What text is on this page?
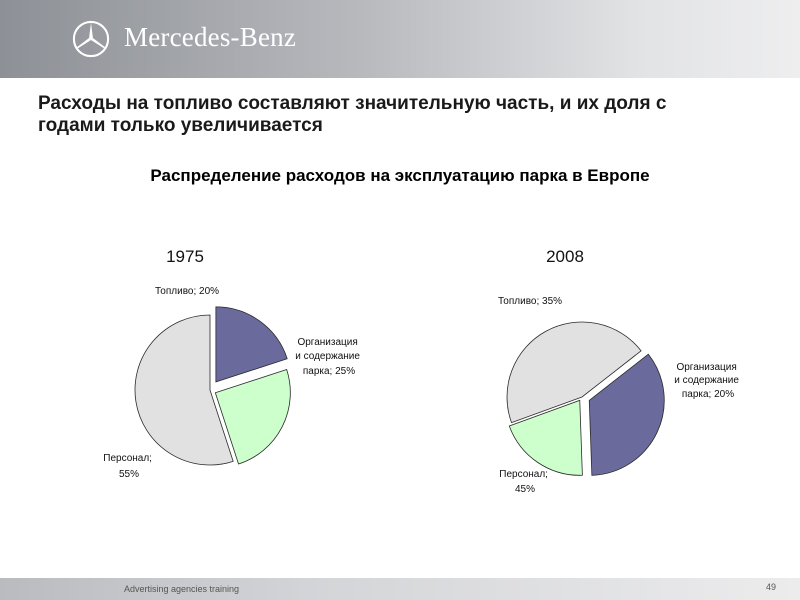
Mercedes-Benz
Расходы на топливо составляют значительную часть, и их доля с годами только увеличивается
Распределение расходов на эксплуатацию парка в Европе
1975
Топливо; 20%
Организация и содержание парка; 25%
Персонал; 55%
2008
Топливо; 35%
Организация и содержание парка; 20%
Персонал; 45%
Advertising agencies training	49
